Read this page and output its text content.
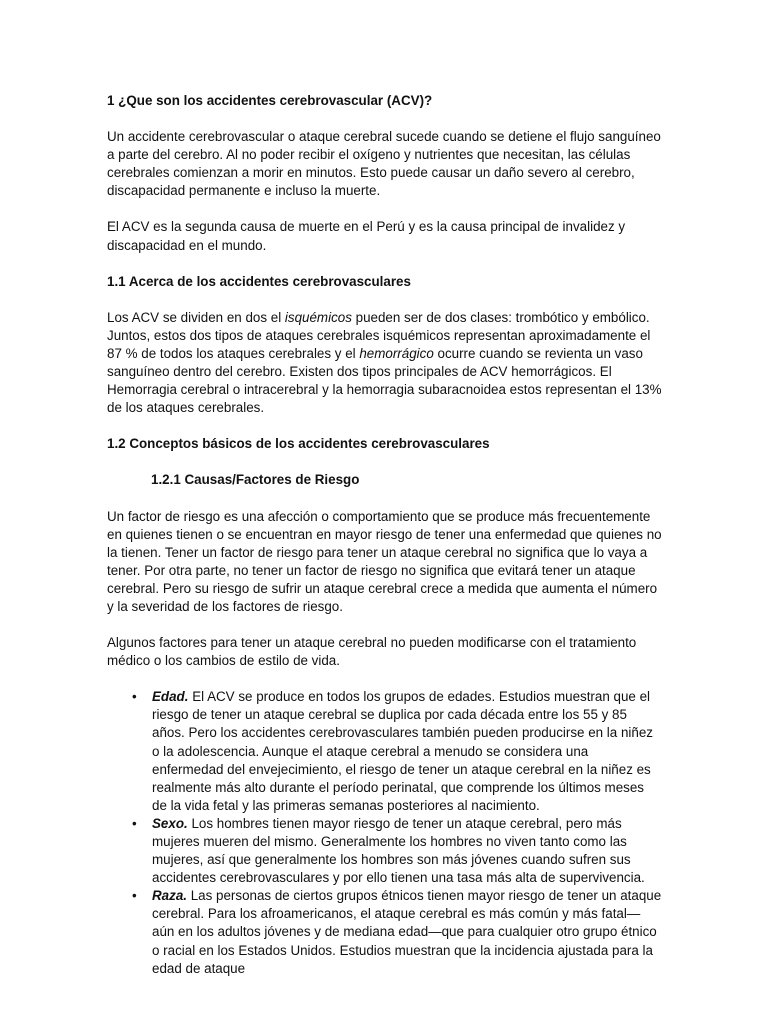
1 ¿Que son los accidentes cerebrovascular (ACV)?

Un accidente cerebrovascular o ataque cerebral sucede cuando se detiene el flujo sanguíneo a parte del cerebro. Al no poder recibir el oxígeno y nutrientes que necesitan, las células cerebrales comienzan a morir en minutos. Esto puede causar un daño severo al cerebro, discapacidad permanente e incluso la muerte.

El ACV es la segunda causa de muerte en el Perú y es la causa principal de invalidez y discapacidad en el mundo.

1.1 Acerca de los accidentes cerebrovasculares

Los ACV se dividen en dos el isquémicos pueden ser de dos clases: trombótico y embólico. Juntos, estos dos tipos de ataques cerebrales isquémicos representan aproximadamente el 87 % de todos los ataques cerebrales y el hemorrágico ocurre cuando se revienta un vaso sanguíneo dentro del cerebro. Existen dos tipos principales de ACV hemorrágicos. El Hemorragia cerebral o intracerebral y la hemorragia subaracnoidea estos representan el 13% de los ataques cerebrales.

1.2 Conceptos básicos de los accidentes cerebrovasculares

1.2.1 Causas/Factores de Riesgo

Un factor de riesgo es una afección o comportamiento que se produce más frecuentemente en quienes tienen o se encuentran en mayor riesgo de tener una enfermedad que quienes no la tienen. Tener un factor de riesgo para tener un ataque cerebral no significa que lo vaya a tener. Por otra parte, no tener un factor de riesgo no significa que evitará tener un ataque cerebral. Pero su riesgo de sufrir un ataque cerebral crece a medida que aumenta el número y la severidad de los factores de riesgo.

Algunos factores para tener un ataque cerebral no pueden modificarse con el tratamiento médico o los cambios de estilo de vida.

• Edad. El ACV se produce en todos los grupos de edades. Estudios muestran que el riesgo de tener un ataque cerebral se duplica por cada década entre los 55 y 85 años. Pero los accidentes cerebrovasculares también pueden producirse en la niñez o la adolescencia. Aunque el ataque cerebral a menudo se considera una enfermedad del envejecimiento, el riesgo de tener un ataque cerebral en la niñez es realmente más alto durante el período perinatal, que comprende los últimos meses de la vida fetal y las primeras semanas posteriores al nacimiento.
• Sexo. Los hombres tienen mayor riesgo de tener un ataque cerebral, pero más mujeres mueren del mismo. Generalmente los hombres no viven tanto como las mujeres, así que generalmente los hombres son más jóvenes cuando sufren sus accidentes cerebrovasculares y por ello tienen una tasa más alta de supervivencia.
• Raza. Las personas de ciertos grupos étnicos tienen mayor riesgo de tener un ataque cerebral. Para los afroamericanos, el ataque cerebral es más común y más fatal—aún en los adultos jóvenes y de mediana edad—que para cualquier otro grupo étnico o racial en los Estados Unidos. Estudios muestran que la incidencia ajustada para la edad de ataque
